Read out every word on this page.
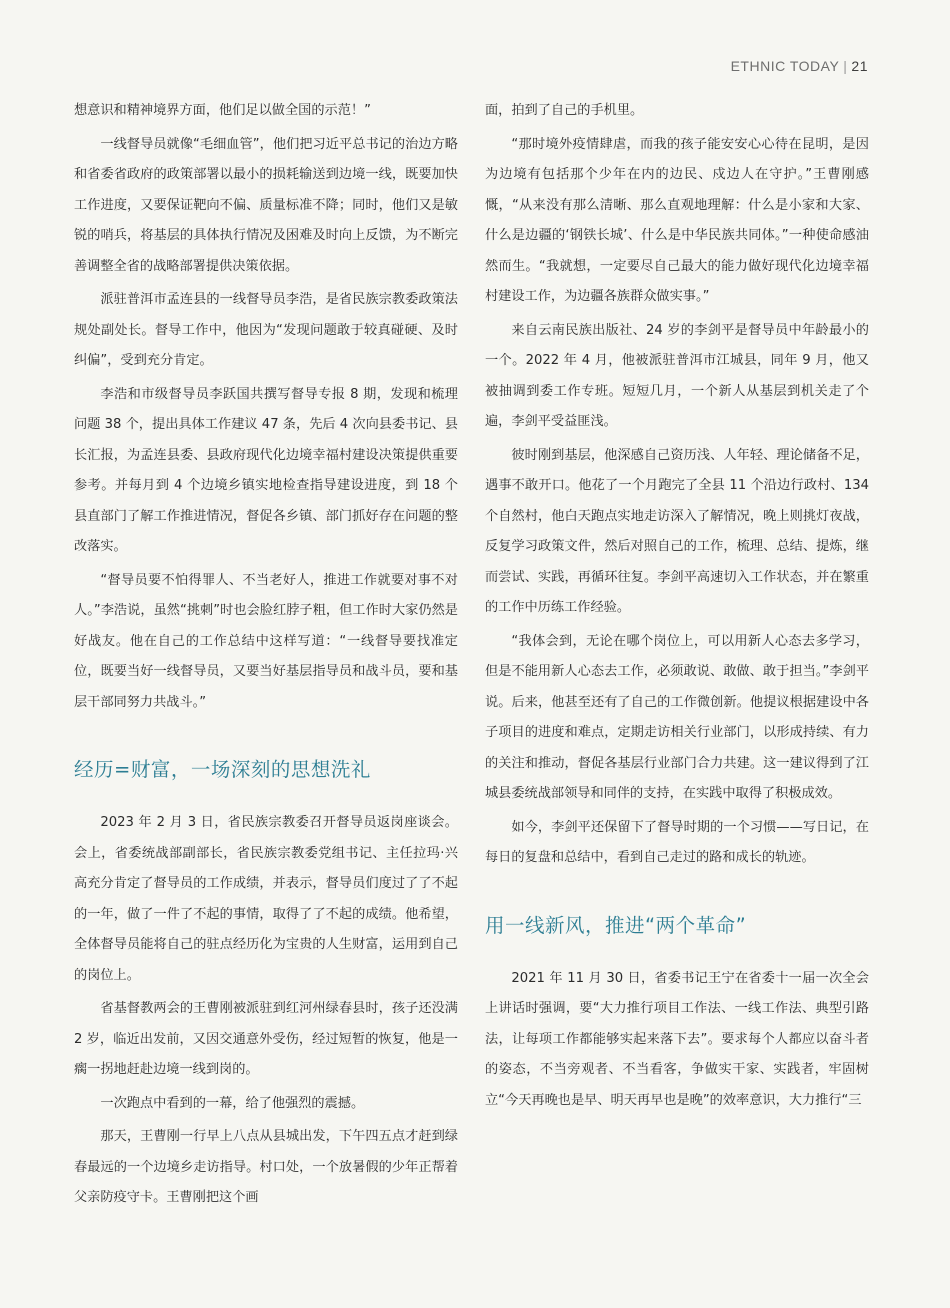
ETHNIC TODAY | 21

想意识和精神境界方面，他们足以做全国的示范！”

一线督导员就像“毛细血管”，他们把习近平总书记的治边方略和省委省政府的政策部署以最小的损耗输送到边境一线，既要加快工作进度，又要保证靶向不偏、质量标准不降；同时，他们又是敏锐的哨兵，将基层的具体执行情况及困难及时向上反馈，为不断完善调整全省的战略部署提供决策依据。

派驻普洱市孟连县的一线督导员李浩，是省民族宗教委政策法规处副处长。督导工作中，他因为“发现问题敢于较真碰硬、及时纠偏”，受到充分肯定。

李浩和市级督导员李跃国共撰写督导专报 8 期，发现和梳理问题 38 个，提出具体工作建议 47 条，先后 4 次向县委书记、县长汇报，为孟连县委、县政府现代化边境幸福村建设决策提供重要参考。并每月到 4 个边境乡镇实地检查指导建设进度，到 18 个县直部门了解工作推进情况，督促各乡镇、部门抓好存在问题的整改落实。

“督导员要不怕得罪人、不当老好人，推进工作就要对事不对人。”李浩说，虽然“挑刺”时也会脸红脖子粗，但工作时大家仍然是好战友。他在自己的工作总结中这样写道：“一线督导要找准定位，既要当好一线督导员，又要当好基层指导员和战斗员，要和基层干部同努力共战斗。”

经历=财富，一场深刻的思想洗礼

2023 年 2 月 3 日，省民族宗教委召开督导员返岗座谈会。会上，省委统战部副部长，省民族宗教委党组书记、主任拉玛·兴高充分肯定了督导员的工作成绩，并表示，督导员们度过了了不起的一年，做了一件了不起的事情，取得了了不起的成绩。他希望，全体督导员能将自己的驻点经历化为宝贵的人生财富，运用到自己的岗位上。

省基督教两会的王曹刚被派驻到红河州绿春县时，孩子还没满 2 岁，临近出发前，又因交通意外受伤，经过短暂的恢复，他是一瘸一拐地赶赴边境一线到岗的。

一次跑点中看到的一幕，给了他强烈的震撼。

那天，王曹刚一行早上八点从县城出发，下午四五点才赶到绿春最远的一个边境乡走访指导。村口处，一个放暑假的少年正帮着父亲防疫守卡。王曹刚把这个画

面，拍到了自己的手机里。

“那时境外疫情肆虐，而我的孩子能安安心心待在昆明，是因为边境有包括那个少年在内的边民、戍边人在守护。”王曹刚感慨，“从来没有那么清晰、那么直观地理解：什么是小家和大家、什么是边疆的‘钢铁长城’、什么是中华民族共同体。”一种使命感油然而生。“我就想，一定要尽自己最大的能力做好现代化边境幸福村建设工作，为边疆各族群众做实事。”

来自云南民族出版社、24 岁的李剑平是督导员中年龄最小的一个。2022 年 4 月，他被派驻普洱市江城县，同年 9 月，他又被抽调到委工作专班。短短几月，一个新人从基层到机关走了个遍，李剑平受益匪浅。

彼时刚到基层，他深感自己资历浅、人年轻、理论储备不足，遇事不敢开口。他花了一个月跑完了全县 11 个沿边行政村、134 个自然村，他白天跑点实地走访深入了解情况，晚上则挑灯夜战，反复学习政策文件，然后对照自己的工作，梳理、总结、提炼，继而尝试、实践，再循环往复。李剑平高速切入工作状态，并在繁重的工作中历练工作经验。

“我体会到，无论在哪个岗位上，可以用新人心态去多学习，但是不能用新人心态去工作，必须敢说、敢做、敢于担当。”李剑平说。后来，他甚至还有了自己的工作微创新。他提议根据建设中各子项目的进度和难点，定期走访相关行业部门，以形成持续、有力的关注和推动，督促各基层行业部门合力共建。这一建议得到了江城县委统战部领导和同伴的支持，在实践中取得了积极成效。

如今，李剑平还保留下了督导时期的一个习惯——写日记，在每日的复盘和总结中，看到自己走过的路和成长的轨迹。

用一线新风，推进“两个革命”

2021 年 11 月 30 日，省委书记王宁在省委十一届一次全会上讲话时强调，要“大力推行项目工作法、一线工作法、典型引路法，让每项工作都能够实起来落下去”。要求每个人都应以奋斗者的姿态，不当旁观者、不当看客，争做实干家、实践者，牢固树立“今天再晚也是早、明天再早也是晚”的效率意识，大力推行“三
